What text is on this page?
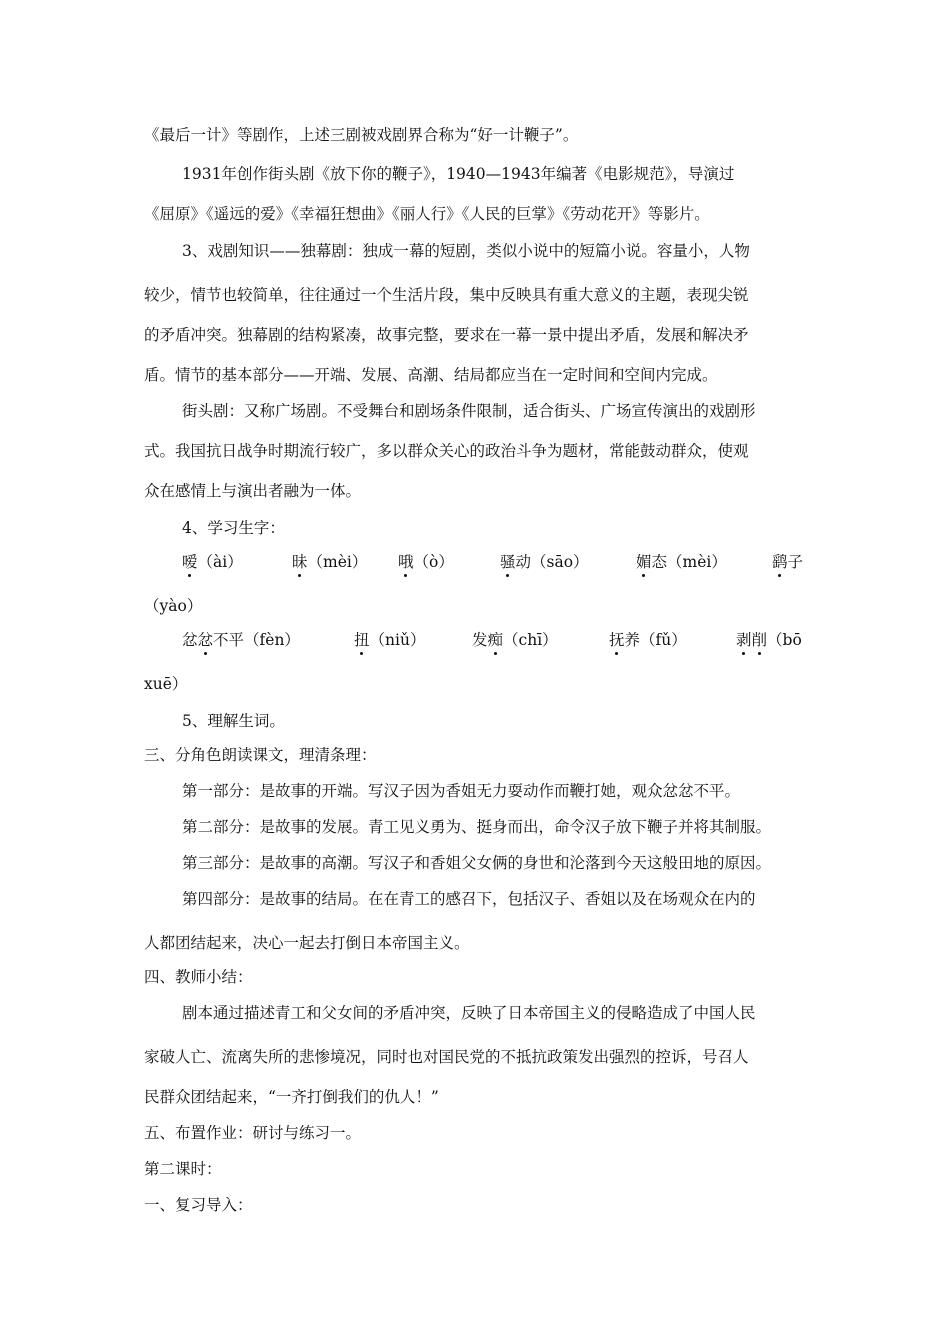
《最后一计》等剧作，上述三剧被戏剧界合称为“好一计鞭子”。
1931年创作街头剧《放下你的鞭子》，1940—1943年编著《电影规范》，导演过
《屈原》《遥远的爱》《幸福狂想曲》《丽人行》《人民的巨掌》《劳动花开》等影片。
3、戏剧知识——独幕剧：独成一幕的短剧，类似小说中的短篇小说。容量小，人物
较少，情节也较简单，往往通过一个生活片段，集中反映具有重大意义的主题，表现尖锐
的矛盾冲突。独幕剧的结构紧凑，故事完整，要求在一幕一景中提出矛盾，发展和解决矛
盾。情节的基本部分——开端、发展、高潮、结局都应当在一定时间和空间内完成。
街头剧：又称广场剧。不受舞台和剧场条件限制，适合街头、广场宣传演出的戏剧形
式。我国抗日战争时期流行较广，多以群众关心的政治斗争为题材，常能鼓动群众，使观
众在感情上与演出者融为一体。
4、学习生字：
嗳（ài）	昧（mèi） 哦（ò）	骚动（sāo）	媚态（mèi）	鹞子
（yào）
忿忿不平（fèn）	扭（niǔ）	发痴（chī）	抚养（fǔ）	剥削（bō
xuē）
5、理解生词。
三、分角色朗读课文，理清条理：
第一部分：是故事的开端。写汉子因为香姐无力耍动作而鞭打她，观众忿忿不平。
第二部分：是故事的发展。青工见义勇为、挺身而出，命令汉子放下鞭子并将其制服。
第三部分：是故事的高潮。写汉子和香姐父女俩的身世和沦落到今天这般田地的原因。
第四部分：是故事的结局。在在青工的感召下，包括汉子、香姐以及在场观众在内的
人都团结起来，决心一起去打倒日本帝国主义。
四、教师小结：
剧本通过描述青工和父女间的矛盾冲突，反映了日本帝国主义的侵略造成了中国人民
家破人亡、流离失所的悲惨境况，同时也对国民党的不抵抗政策发出强烈的控诉，号召人
民群众团结起来，“一齐打倒我们的仇人！”
五、布置作业：研讨与练习一。
第二课时：
一、复习导入：
